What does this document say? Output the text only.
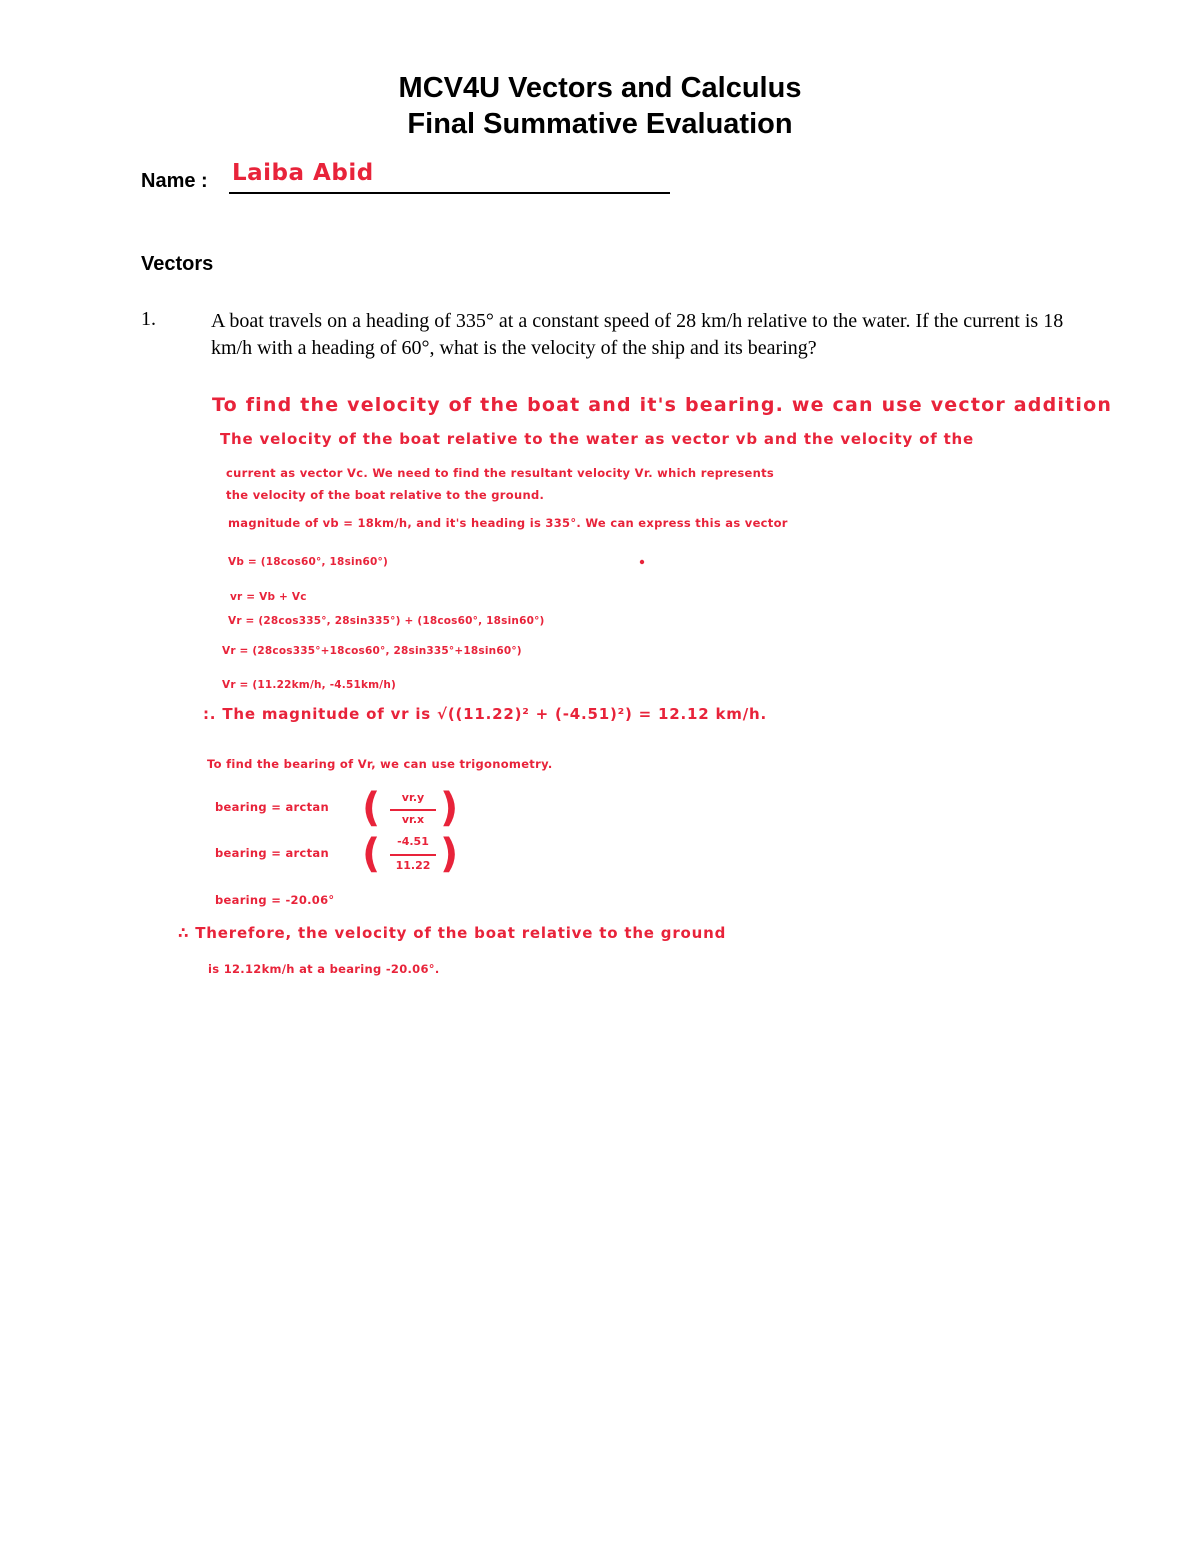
MCV4U Vectors and Calculus
Final Summative Evaluation
Name : Laiba Abid
Vectors
1.	A boat travels on a heading of 335° at a constant speed of 28 km/h relative to the water. If the current is 18 km/h with a heading of 60°, what is the velocity of the ship and its bearing?
To find the velocity of the boat and it's bearing. we can use vector addition
The velocity of the boat relative to the water as vector vb and the velocity of the
current as vector Vc. We need to find the resultant velocity Vr. which represents
the velocity of the boat relative to the ground.
magnitude of vb = 18km/h, and it's heading is 335°. We can express this as vector
Vb = (18cos60°, 18sin60°)
vr = Vb + Vc
Vr = (28cos335°, 28sin335°) + (18cos60°, 18sin60°)
Vr = (28cos335°+18cos60°, 28sin335°+18sin60°)
Vr = (11.22km/h, -4.51km/h)
:. The magnitude of vr is √((11.22)² + (-4.51)²) = 12.12 km/h.
To find the bearing of Vr, we can use trigonometry.
bearing = arctan (	vr.y
vr.x )
bearing = arctan (	-4.51
11.22 )
bearing = -20.06°
∴ Therefore, the velocity of the boat relative to the ground
is 12.12km/h at a bearing -20.06°.
